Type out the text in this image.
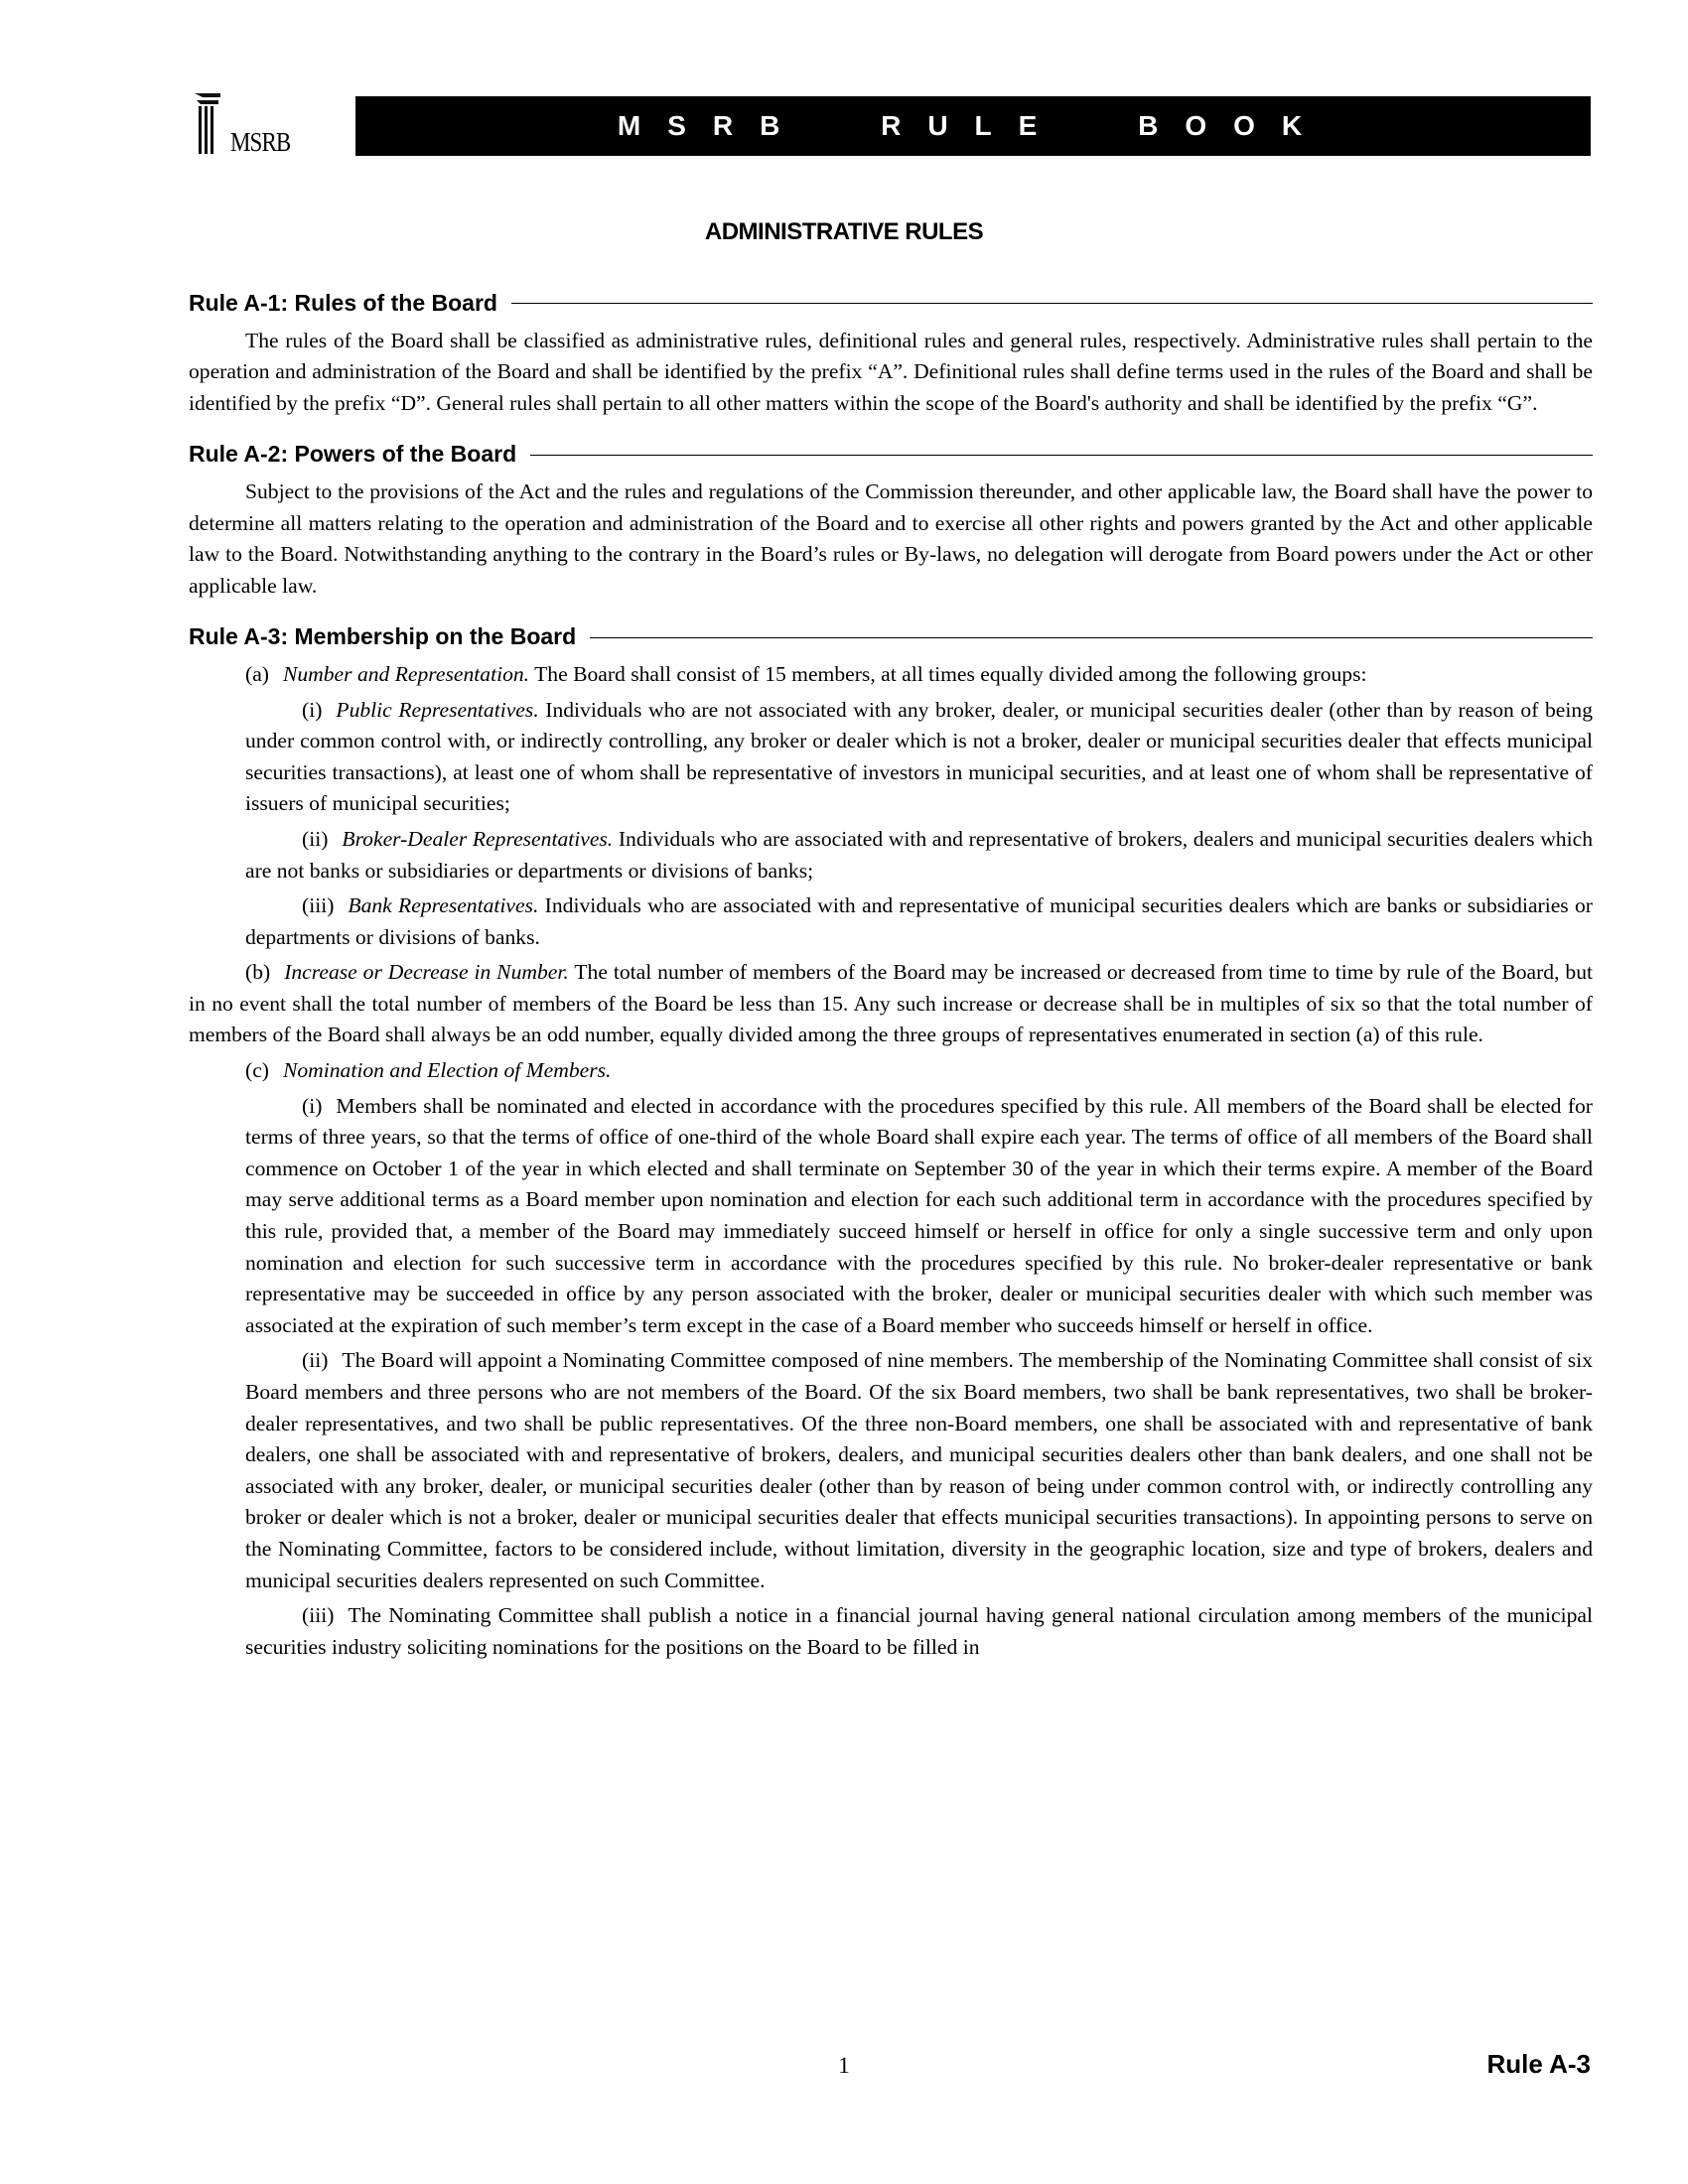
MSRB
MSRB RULE BOOK
ADMINISTRATIVE RULES
Rule A-1: Rules of the Board

The rules of the Board shall be classified as administrative rules, definitional rules and general rules, respectively. Administrative rules shall pertain to the operation and administration of the Board and shall be identified by the prefix “A”. Definitional rules shall define terms used in the rules of the Board and shall be identified by the prefix “D”. General rules shall pertain to all other matters within the scope of the Board's authority and shall be identified by the prefix “G”.

Rule A-2: Powers of the Board

Subject to the provisions of the Act and the rules and regulations of the Commission thereunder, and other applicable law, the Board shall have the power to determine all matters relating to the operation and administration of the Board and to exercise all other rights and powers granted by the Act and other applicable law to the Board. Notwithstanding anything to the contrary in the Board’s rules or By-laws, no delegation will derogate from Board powers under the Act or other applicable law.

Rule A-3: Membership on the Board

(a) Number and Representation. The Board shall consist of 15 members, at all times equally divided among the following groups:

(i) Public Representatives. Individuals who are not associated with any broker, dealer, or municipal securities dealer (other than by reason of being under common control with, or indirectly controlling, any broker or dealer which is not a broker, dealer or municipal securities dealer that effects municipal securities transactions), at least one of whom shall be representative of investors in municipal securities, and at least one of whom shall be representative of issuers of municipal securities;

(ii) Broker-Dealer Representatives. Individuals who are associated with and representative of brokers, dealers and municipal securities dealers which are not banks or subsidiaries or departments or divisions of banks;

(iii) Bank Representatives. Individuals who are associated with and representative of municipal securities dealers which are banks or subsidiaries or departments or divisions of banks.

(b) Increase or Decrease in Number. The total number of members of the Board may be increased or decreased from time to time by rule of the Board, but in no event shall the total number of members of the Board be less than 15. Any such increase or decrease shall be in multiples of six so that the total number of members of the Board shall always be an odd number, equally divided among the three groups of representatives enumerated in section (a) of this rule.

(c) Nomination and Election of Members.

(i) Members shall be nominated and elected in accordance with the procedures specified by this rule. All members of the Board shall be elected for terms of three years, so that the terms of office of one-third of the whole Board shall expire each year. The terms of office of all members of the Board shall commence on October 1 of the year in which elected and shall terminate on September 30 of the year in which their terms expire. A member of the Board may serve additional terms as a Board member upon nomination and election for each such additional term in accordance with the procedures specified by this rule, provided that, a member of the Board may immediately succeed himself or herself in office for only a single successive term and only upon nomination and election for such successive term in accordance with the procedures specified by this rule. No broker-dealer representative or bank representative may be succeeded in office by any person associated with the broker, dealer or municipal securities dealer with which such member was associated at the expiration of such member’s term except in the case of a Board member who succeeds himself or herself in office.

(ii) The Board will appoint a Nominating Committee composed of nine members. The membership of the Nominating Committee shall consist of six Board members and three persons who are not members of the Board. Of the six Board members, two shall be bank representatives, two shall be broker-dealer representatives, and two shall be public representatives. Of the three non-Board members, one shall be associated with and representative of bank dealers, one shall be associated with and representative of brokers, dealers, and municipal securities dealers other than bank dealers, and one shall not be associated with any broker, dealer, or municipal securities dealer (other than by reason of being under common control with, or indirectly controlling any broker or dealer which is not a broker, dealer or municipal securities dealer that effects municipal securities transactions). In appointing persons to serve on the Nominating Committee, factors to be considered include, without limitation, diversity in the geographic location, size and type of brokers, dealers and municipal securities dealers represented on such Committee.

(iii) The Nominating Committee shall publish a notice in a financial journal having general national circulation among members of the municipal securities industry soliciting nominations for the positions on the Board to be filled in

1	Rule A-3
